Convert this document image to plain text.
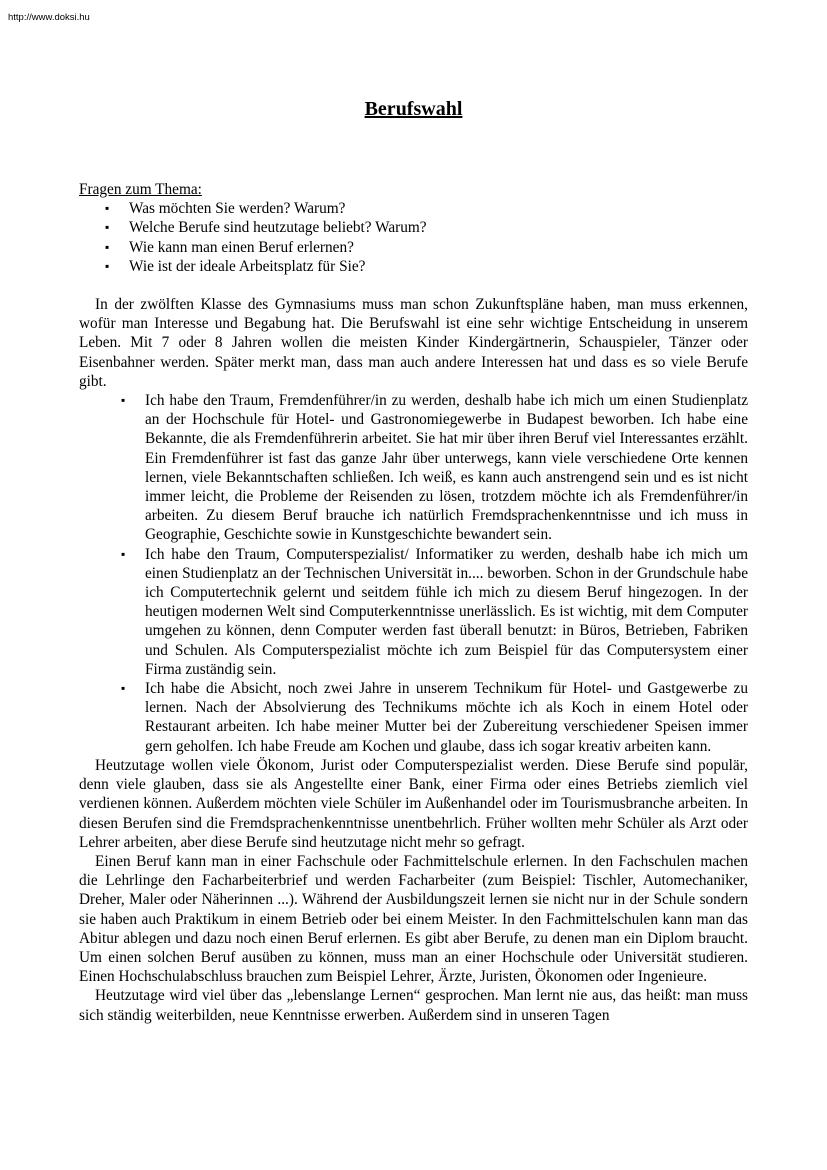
http://www.doksi.hu
Berufswahl

Fragen zum Thema:

▪ Was möchten Sie werden? Warum?
▪ Welche Berufe sind heutzutage beliebt? Warum?
▪ Wie kann man einen Beruf erlernen?
▪ Wie ist der ideale Arbeitsplatz für Sie?

In der zwölften Klasse des Gymnasiums muss man schon Zukunftspläne haben, man muss erkennen, wofür man Interesse und Begabung hat. Die Berufswahl ist eine sehr wichtige Entscheidung in unserem Leben. Mit 7 oder 8 Jahren wollen die meisten Kinder Kindergärtnerin, Schauspieler, Tänzer oder Eisenbahner werden. Später merkt man, dass man auch andere Interessen hat und dass es so viele Berufe gibt.

▪ Ich habe den Traum, Fremdenführer/in zu werden, deshalb habe ich mich um einen Studienplatz an der Hochschule für Hotel- und Gastronomiegewerbe in Budapest beworben. Ich habe eine Bekannte, die als Fremdenführerin arbeitet. Sie hat mir über ihren Beruf viel Interessantes erzählt. Ein Fremdenführer ist fast das ganze Jahr über unterwegs, kann viele verschiedene Orte kennen lernen, viele Bekanntschaften schließen. Ich weiß, es kann auch anstrengend sein und es ist nicht immer leicht, die Probleme der Reisenden zu lösen, trotzdem möchte ich als Fremdenführer/in arbeiten. Zu diesem Beruf brauche ich natürlich Fremdsprachenkenntnisse und ich muss in Geographie, Geschichte sowie in Kunstgeschichte bewandert sein.
▪ Ich habe den Traum, Computerspezialist/ Informatiker zu werden, deshalb habe ich mich um einen Studienplatz an der Technischen Universität in.... beworben. Schon in der Grundschule habe ich Computertechnik gelernt und seitdem fühle ich mich zu diesem Beruf hingezogen. In der heutigen modernen Welt sind Computerkenntnisse unerlässlich. Es ist wichtig, mit dem Computer umgehen zu können, denn Computer werden fast überall benutzt: in Büros, Betrieben, Fabriken und Schulen. Als Computerspezialist möchte ich zum Beispiel für das Computersystem einer Firma zuständig sein.
▪ Ich habe die Absicht, noch zwei Jahre in unserem Technikum für Hotel- und Gastgewerbe zu lernen. Nach der Absolvierung des Technikums möchte ich als Koch in einem Hotel oder Restaurant arbeiten. Ich habe meiner Mutter bei der Zubereitung verschiedener Speisen immer gern geholfen. Ich habe Freude am Kochen und glaube, dass ich sogar kreativ arbeiten kann.

Heutzutage wollen viele Ökonom, Jurist oder Computerspezialist werden. Diese Berufe sind populär, denn viele glauben, dass sie als Angestellte einer Bank, einer Firma oder eines Betriebs ziemlich viel verdienen können. Außerdem möchten viele Schüler im Außenhandel oder im Tourismusbranche arbeiten. In diesen Berufen sind die Fremdsprachenkenntnisse unentbehrlich. Früher wollten mehr Schüler als Arzt oder Lehrer arbeiten, aber diese Berufe sind heutzutage nicht mehr so gefragt.

Einen Beruf kann man in einer Fachschule oder Fachmittelschule erlernen. In den Fachschulen machen die Lehrlinge den Facharbeiterbrief und werden Facharbeiter (zum Beispiel: Tischler, Automechaniker, Dreher, Maler oder Näherinnen ...). Während der Ausbildungszeit lernen sie nicht nur in der Schule sondern sie haben auch Praktikum in einem Betrieb oder bei einem Meister. In den Fachmittelschulen kann man das Abitur ablegen und dazu noch einen Beruf erlernen. Es gibt aber Berufe, zu denen man ein Diplom braucht. Um einen solchen Beruf ausüben zu können, muss man an einer Hochschule oder Universität studieren. Einen Hochschulabschluss brauchen zum Beispiel Lehrer, Ärzte, Juristen, Ökonomen oder Ingenieure.

Heutzutage wird viel über das „lebenslange Lernen“ gesprochen. Man lernt nie aus, das heißt: man muss sich ständig weiterbilden, neue Kenntnisse erwerben. Außerdem sind in unseren Tagen
